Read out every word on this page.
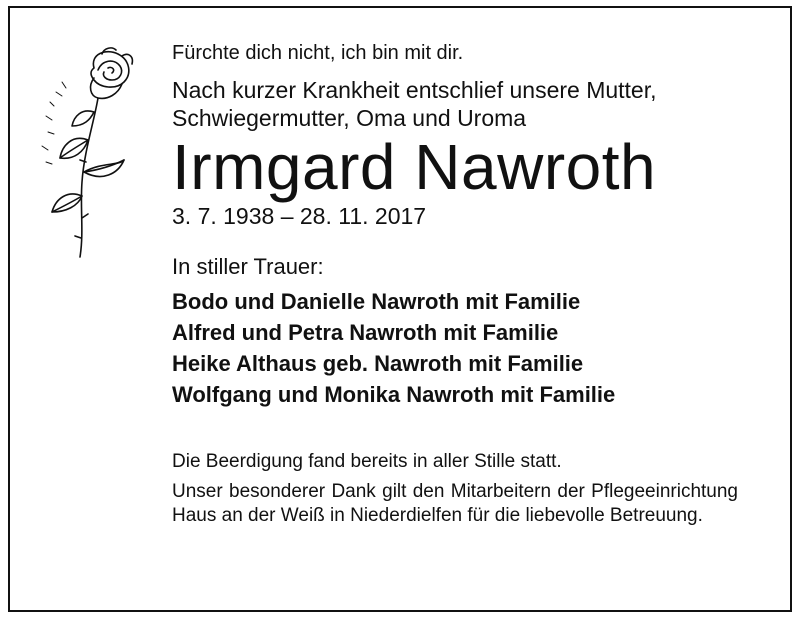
Fürchte dich nicht, ich bin mit dir.

Nach kurzer Krankheit entschlief unsere Mutter,

Schwiegermutter, Oma und Uroma

Irmgard Nawroth

3. 7. 1938 – 28. 11. 2017

In stiller Trauer:

Bodo und Danielle Nawroth mit Familie

Alfred und Petra Nawroth mit Familie

Heike Althaus geb. Nawroth mit Familie

Wolfgang und Monika Nawroth mit Familie

Die Beerdigung fand bereits in aller Stille statt.

Unser besonderer Dank gilt den Mitarbeitern der Pflegeeinrichtung Haus an der Weiß in Niederdielfen für die liebevolle Betreuung.
